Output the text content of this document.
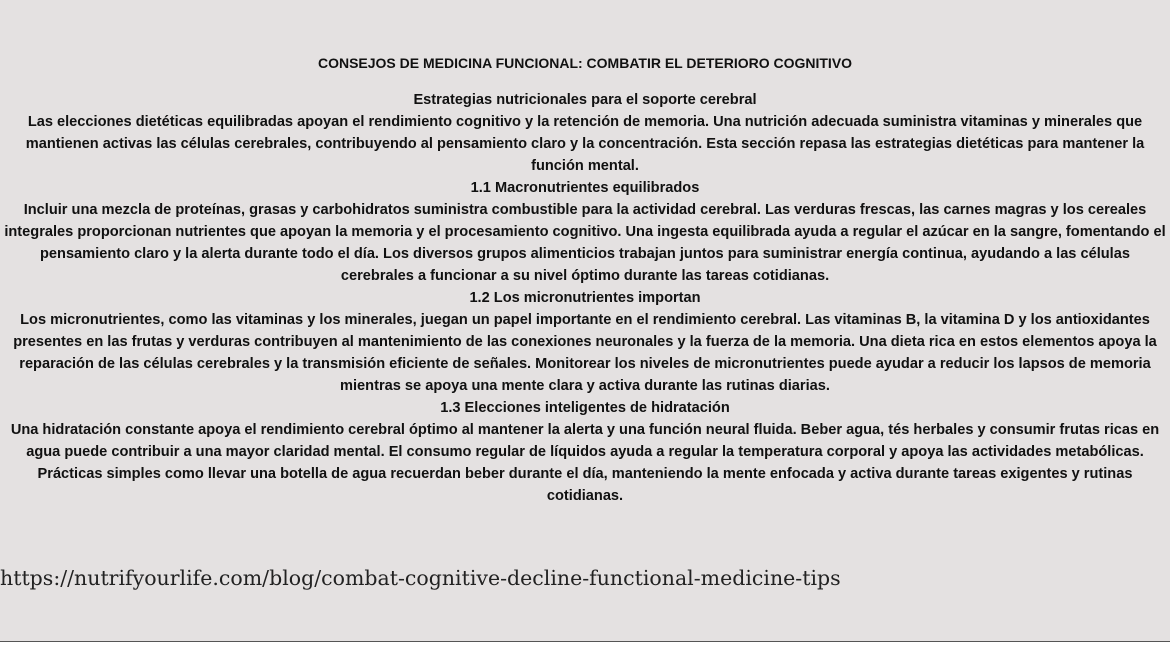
CONSEJOS DE MEDICINA FUNCIONAL: COMBATIR EL DETERIORO COGNITIVO
Estrategias nutricionales para el soporte cerebral
Las elecciones dietéticas equilibradas apoyan el rendimiento cognitivo y la retención de memoria. Una nutrición adecuada suministra vitaminas y minerales que mantienen activas las células cerebrales, contribuyendo al pensamiento claro y la concentración. Esta sección repasa las estrategias dietéticas para mantener la función mental.
1.1 Macronutrientes equilibrados
Incluir una mezcla de proteínas, grasas y carbohidratos suministra combustible para la actividad cerebral. Las verduras frescas, las carnes magras y los cereales integrales proporcionan nutrientes que apoyan la memoria y el procesamiento cognitivo. Una ingesta equilibrada ayuda a regular el azúcar en la sangre, fomentando el pensamiento claro y la alerta durante todo el día. Los diversos grupos alimenticios trabajan juntos para suministrar energía continua, ayudando a las células cerebrales a funcionar a su nivel óptimo durante las tareas cotidianas.
1.2 Los micronutrientes importan
Los micronutrientes, como las vitaminas y los minerales, juegan un papel importante en el rendimiento cerebral. Las vitaminas B, la vitamina D y los antioxidantes presentes en las frutas y verduras contribuyen al mantenimiento de las conexiones neuronales y la fuerza de la memoria. Una dieta rica en estos elementos apoya la reparación de las células cerebrales y la transmisión eficiente de señales. Monitorear los niveles de micronutrientes puede ayudar a reducir los lapsos de memoria mientras se apoya una mente clara y activa durante las rutinas diarias.
1.3 Elecciones inteligentes de hidratación
Una hidratación constante apoya el rendimiento cerebral óptimo al mantener la alerta y una función neural fluida. Beber agua, tés herbales y consumir frutas ricas en agua puede contribuir a una mayor claridad mental. El consumo regular de líquidos ayuda a regular la temperatura corporal y apoya las actividades metabólicas. Prácticas simples como llevar una botella de agua recuerdan beber durante el día, manteniendo la mente enfocada y activa durante tareas exigentes y rutinas cotidianas.
https://nutrifyourlife.com/blog/combat-cognitive-decline-functional-medicine-tips
